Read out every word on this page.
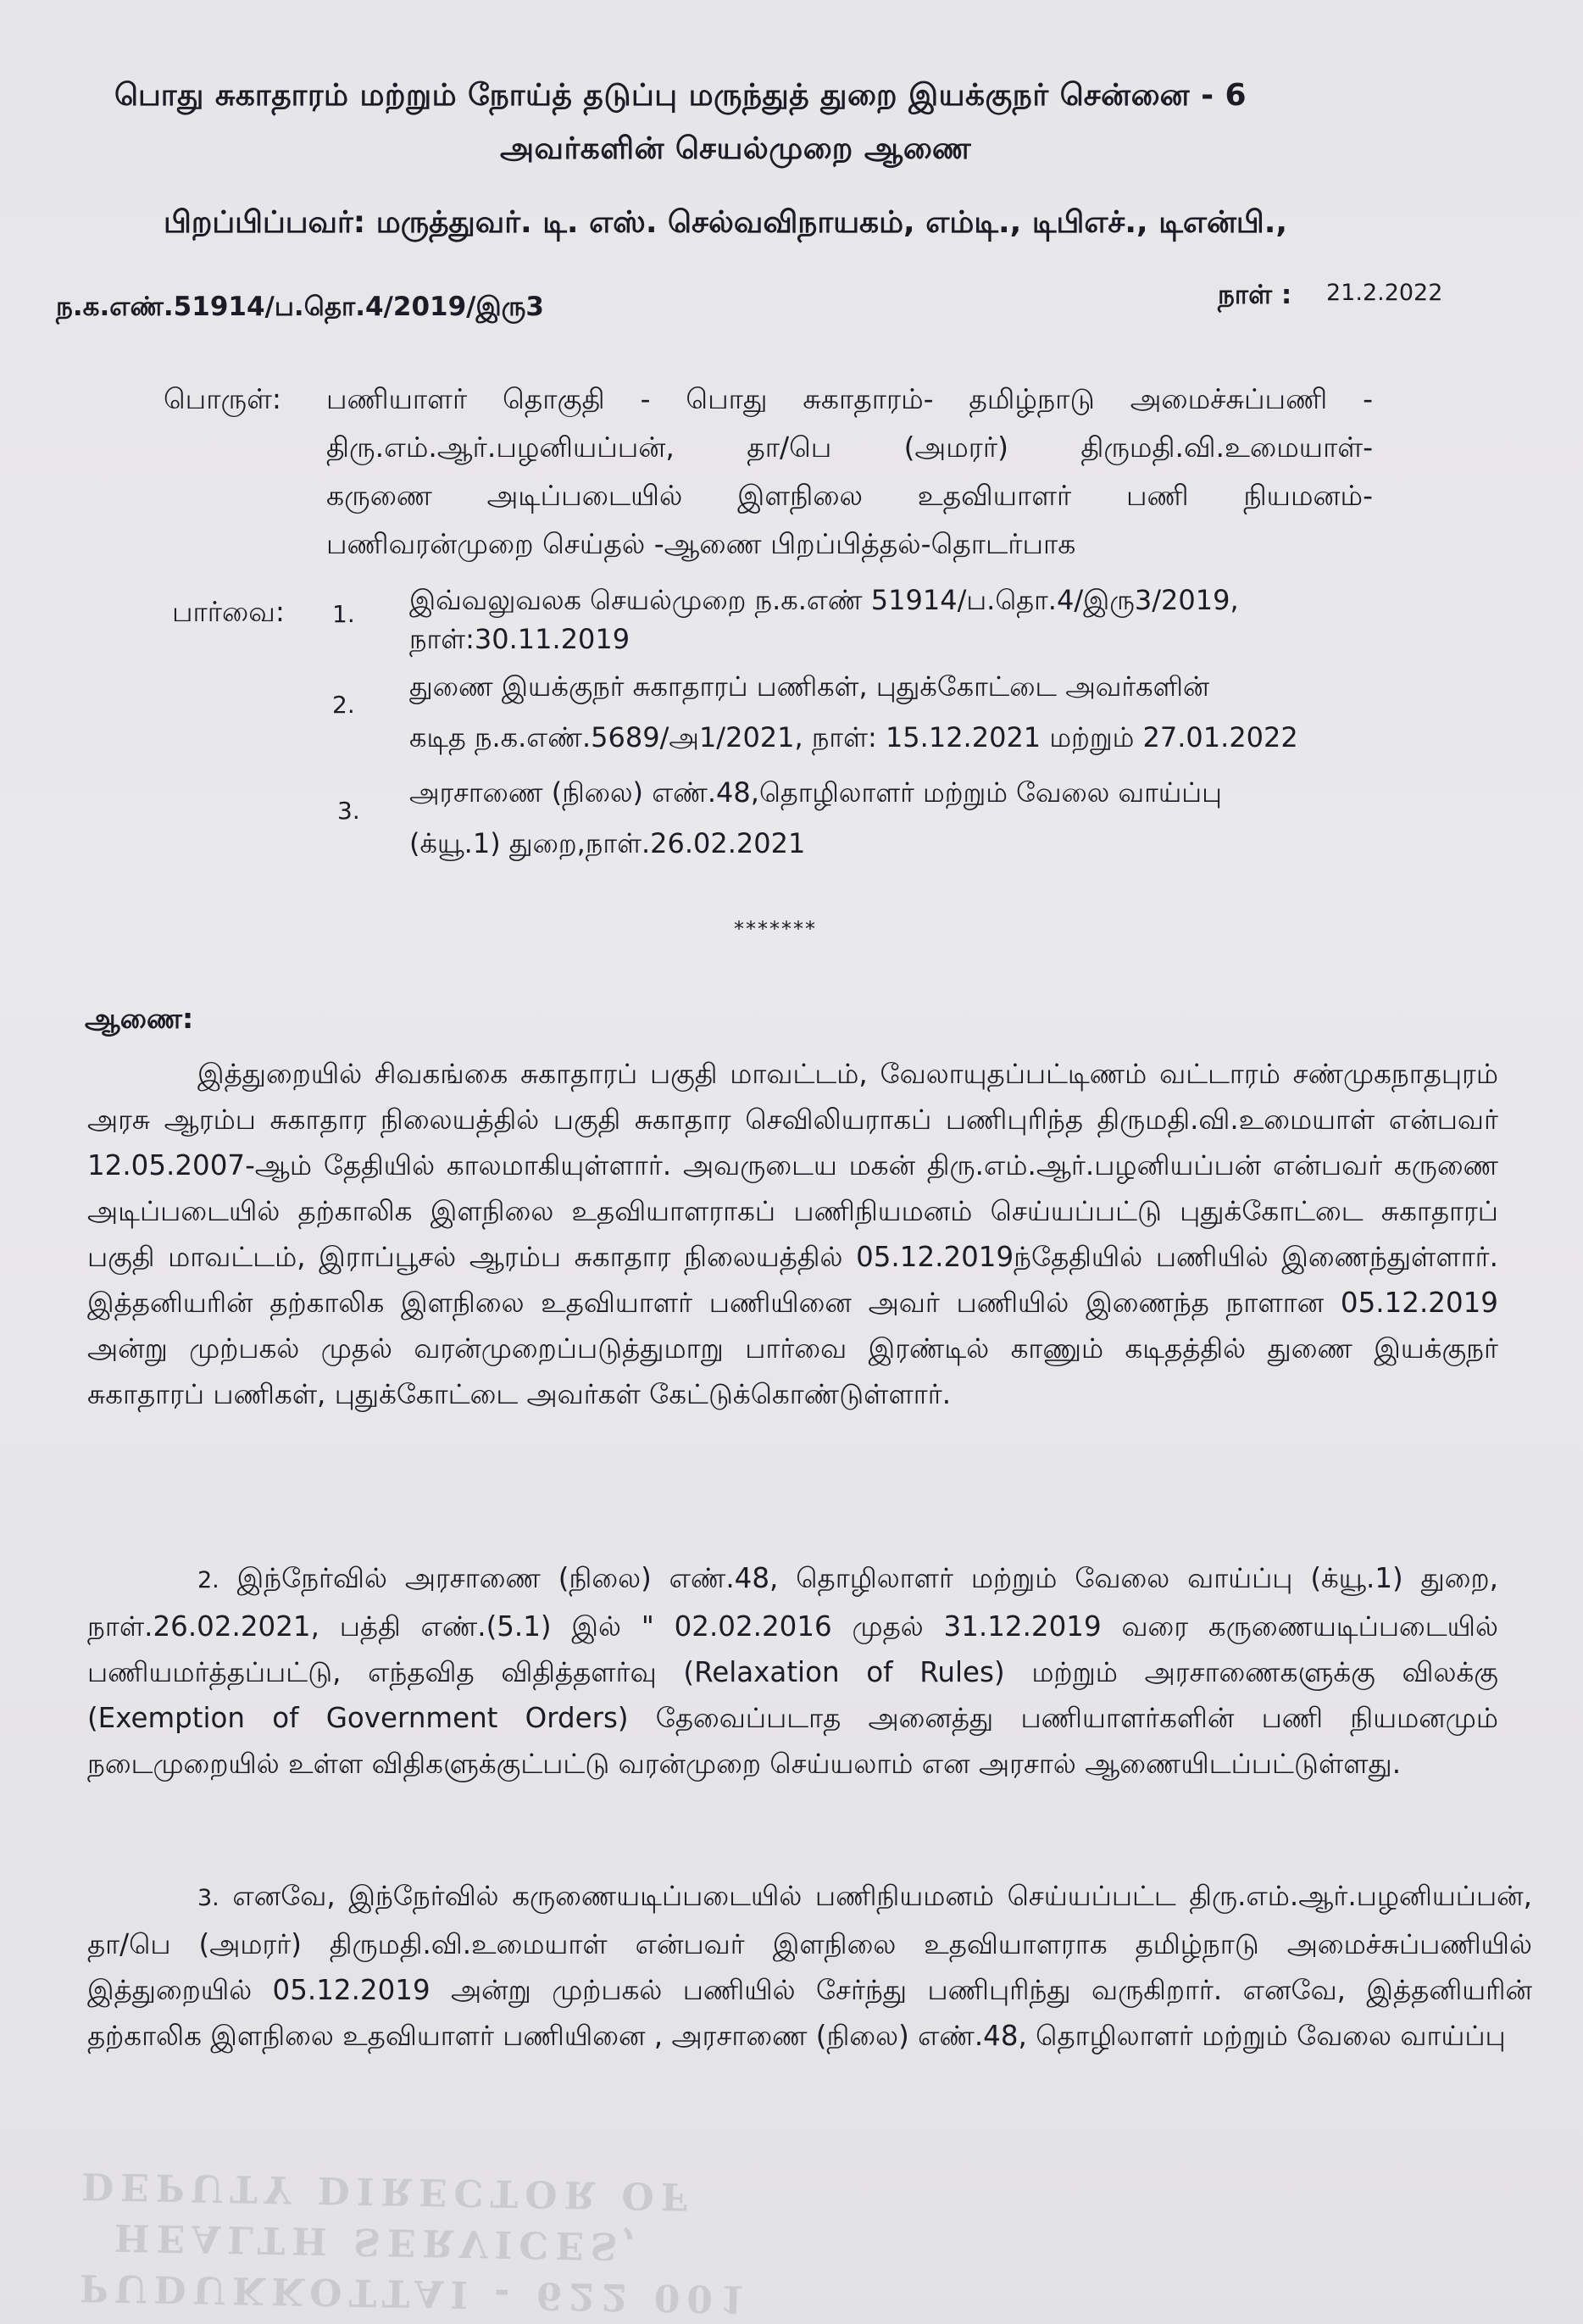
பொது சுகாதாரம் மற்றும் நோய்த் தடுப்பு மருந்துத் துறை இயக்குநர் சென்னை - 6
அவர்களின் செயல்முறை ஆணை
பிறப்பிப்பவர்: மருத்துவர். டி. எஸ். செல்வவிநாயகம், எம்டி., டிபிஎச்., டிஎன்பி.,
ந.க.எண்.51914/ப.தொ.4/2019/இரு3	நாள் : 21.2.2022
பொருள்: பணியாளர் தொகுதி - பொது சுகாதாரம்- தமிழ்நாடு அமைச்சுப்பணி -
திரு.எம்.ஆர்.பழனியப்பன், தா/பெ (அமரர்) திருமதி.வி.உமையாள்-
கருணை அடிப்படையில் இளநிலை உதவியாளர் பணி நியமனம்-
பணிவரன்முறை செய்தல் -ஆணை பிறப்பித்தல்-தொடர்பாக
பார்வை: 1. இவ்வலுவலக செயல்முறை ந.க.எண் 51914/ப.தொ.4/இரு3/2019,
நாள்:30.11.2019
2.
துணை இயக்குநர் சுகாதாரப் பணிகள், புதுக்கோட்டை அவர்களின்
கடித ந.க.எண்.5689/அ1/2021, நாள்: 15.12.2021 மற்றும் 27.01.2022
3.
அரசாணை (நிலை) எண்.48,தொழிலாளர் மற்றும் வேலை வாய்ப்பு
(க்யூ.1) துறை,நாள்.26.02.2021
*******
ஆணை:

இத்துறையில் சிவகங்கை சுகாதாரப் பகுதி மாவட்டம், வேலாயுதப்பட்டிணம் வட்டாரம் சண்முகநாதபுரம் அரசு ஆரம்ப சுகாதார நிலையத்தில் பகுதி சுகாதார செவிலியராகப் பணிபுரிந்த திருமதி.வி.உமையாள் என்பவர் 12.05.2007-ஆம் தேதியில் காலமாகியுள்ளார். அவருடைய மகன் திரு.எம்.ஆர்.பழனியப்பன் என்பவர் கருணை அடிப்படையில் தற்காலிக இளநிலை உதவியாளராகப் பணிநியமனம் செய்யப்பட்டு புதுக்கோட்டை சுகாதாரப் பகுதி மாவட்டம், இராப்பூசல் ஆரம்ப சுகாதார நிலையத்தில் 05.12.2019ந்தேதியில் பணியில் இணைந்துள்ளார். இத்தனியரின் தற்காலிக இளநிலை உதவியாளர் பணியினை அவர் பணியில் இணைந்த நாளான 05.12.2019 அன்று முற்பகல் முதல் வரன்முறைப்படுத்துமாறு பார்வை இரண்டில் காணும் கடிதத்தில் துணை இயக்குநர் சுகாதாரப் பணிகள், புதுக்கோட்டை அவர்கள் கேட்டுக்கொண்டுள்ளார்.

2. இந்நேர்வில் அரசாணை (நிலை) எண்.48, தொழிலாளர் மற்றும் வேலை வாய்ப்பு (க்யூ.1) துறை, நாள்.26.02.2021, பத்தி எண்.(5.1) இல் " 02.02.2016 முதல் 31.12.2019 வரை கருணையடிப்படையில் பணியமர்த்தப்பட்டு, எந்தவித விதித்தளர்வு (Relaxation of Rules) மற்றும் அரசாணைகளுக்கு விலக்கு (Exemption of Government Orders) தேவைப்படாத அனைத்து பணியாளர்களின் பணி நியமனமும் நடைமுறையில் உள்ள விதிகளுக்குட்பட்டு வரன்முறை செய்யலாம் என அரசால் ஆணையிடப்பட்டுள்ளது.

3. எனவே, இந்நேர்வில் கருணையடிப்படையில் பணிநியமனம் செய்யப்பட்ட திரு.எம்.ஆர்.பழனியப்பன், தா/பெ (அமரர்) திருமதி.வி.உமையாள் என்பவர் இளநிலை உதவியாளராக தமிழ்நாடு அமைச்சுப்பணியில் இத்துறையில் 05.12.2019 அன்று முற்பகல் பணியில் சேர்ந்து பணிபுரிந்து வருகிறார். எனவே, இத்தனியரின் தற்காலிக இளநிலை உதவியாளர் பணியினை , அரசாணை (நிலை) எண்.48, தொழிலாளர் மற்றும் வேலை வாய்ப்பு

PUDUKKOTTAI - 622 001
HEALTH SERVICES,
DEPUTY DIRECTOR OF
